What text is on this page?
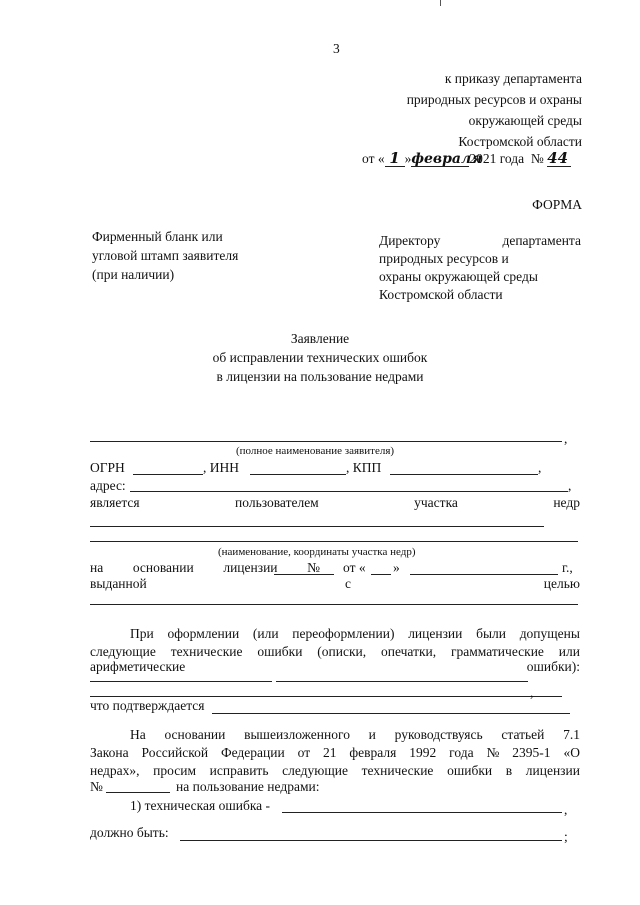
3
к приказу департамента
природных ресурсов и охраны
окружающей среды
Костромской области
от « 1 »февраля2021 года № 44
ФОРМА
Фирменный бланк или
угловой штамп заявителя
(при наличии)
Директору	департамента
природных ресурсов и
охраны окружающей среды
Костромской области
Заявление
об исправлении технических ошибок
в лицензии на пользование недрами
,
(полное наименование заявителя)
ОГРН	, ИНН	, КПП	,
адрес:	,
является	пользователем	участка	недр
(наименование, координаты участка недр)
на основании лицензии № от « »	г.,
выданной	с	целью
При оформлении (или переоформлении) лицензии были допущены
следующие технические ошибки (описки, опечатки, грамматические или
арифметические	ошибки):
,
что подтверждается
На основании вышеизложенного и руководствуясь статьей 7.1
Закона Российской Федерации от 21 февраля 1992 года № 2395-1 «О
недрах», просим исправить следующие технические ошибки в лицензии
№	на пользование недрами:
1) техническая ошибка -	,
должно быть:	;
